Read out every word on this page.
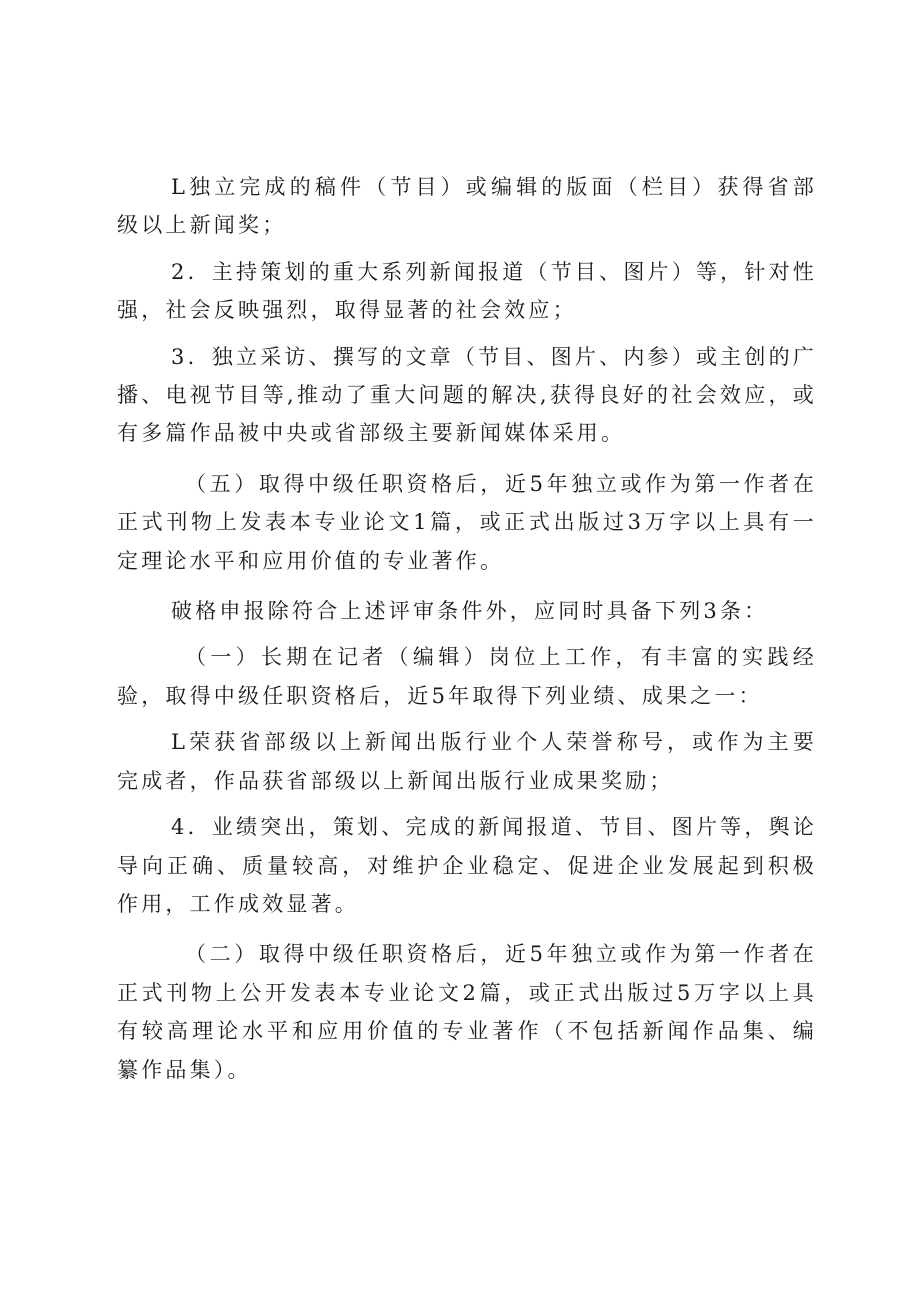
L独立完成的稿件（节目）或编辑的版面（栏目）获得省部级以上新闻奖；

2．主持策划的重大系列新闻报道（节目、图片）等，针对性强，社会反映强烈，取得显著的社会效应；

3．独立采访、撰写的文章（节目、图片、内参）或主创的广播、电视节目等,推动了重大问题的解决,获得良好的社会效应，或有多篇作品被中央或省部级主要新闻媒体采用。

（五）取得中级任职资格后，近5年独立或作为第一作者在正式刊物上发表本专业论文1篇，或正式出版过3万字以上具有一定理论水平和应用价值的专业著作。

破格申报除符合上述评审条件外，应同时具备下列3条：

（一）长期在记者（编辑）岗位上工作，有丰富的实践经验，取得中级任职资格后，近5年取得下列业绩、成果之一：

L荣获省部级以上新闻出版行业个人荣誉称号，或作为主要完成者，作品获省部级以上新闻出版行业成果奖励；

4．业绩突出，策划、完成的新闻报道、节目、图片等，舆论导向正确、质量较高，对维护企业稳定、促进企业发展起到积极作用，工作成效显著。

（二）取得中级任职资格后，近5年独立或作为第一作者在正式刊物上公开发表本专业论文2篇，或正式出版过5万字以上具有较高理论水平和应用价值的专业著作（不包括新闻作品集、编纂作品集）。
